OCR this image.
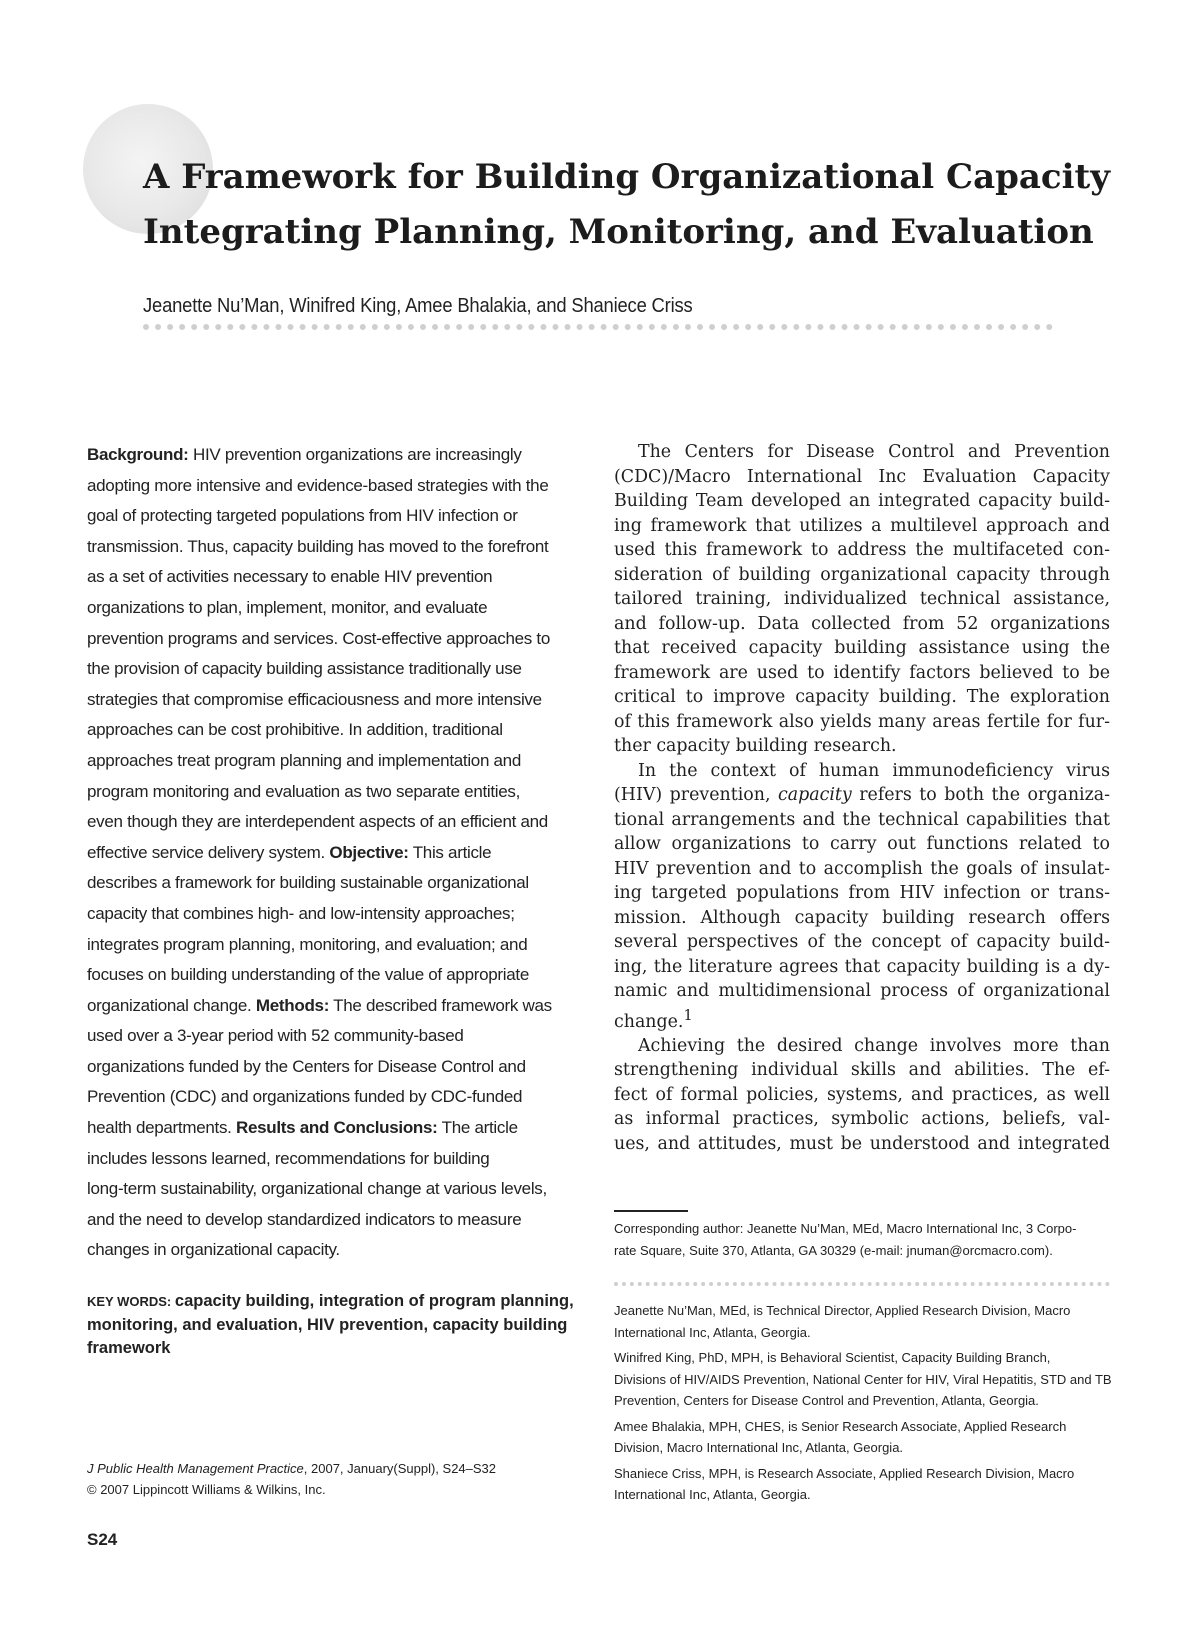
A Framework for Building Organizational Capacity
Integrating Planning, Monitoring, and Evaluation
Jeanette Nu’Man, Winifred King, Amee Bhalakia, and Shaniece Criss
Background: HIV prevention organizations are increasingly
adopting more intensive and evidence-based strategies with the
goal of protecting targeted populations from HIV infection or
transmission. Thus, capacity building has moved to the forefront
as a set of activities necessary to enable HIV prevention
organizations to plan, implement, monitor, and evaluate
prevention programs and services. Cost-effective approaches to
the provision of capacity building assistance traditionally use
strategies that compromise efficaciousness and more intensive
approaches can be cost prohibitive. In addition, traditional
approaches treat program planning and implementation and
program monitoring and evaluation as two separate entities,
even though they are interdependent aspects of an efficient and
effective service delivery system. Objective: This article
describes a framework for building sustainable organizational
capacity that combines high- and low-intensity approaches;
integrates program planning, monitoring, and evaluation; and
focuses on building understanding of the value of appropriate
organizational change. Methods: The described framework was
used over a 3-year period with 52 community-based
organizations funded by the Centers for Disease Control and
Prevention (CDC) and organizations funded by CDC-funded
health departments. Results and Conclusions: The article
includes lessons learned, recommendations for building
long-term sustainability, organizational change at various levels,
and the need to develop standardized indicators to measure
changes in organizational capacity.
KEY WORDS: capacity building, integration of program planning,
monitoring, and evaluation, HIV prevention, capacity building
framework
J Public Health Management Practice, 2007, January(Suppl), S24–S32
© 2007 Lippincott Williams & Wilkins, Inc.
S24
The Centers for Disease Control and Prevention
(CDC)/Macro International Inc Evaluation Capacity
Building Team developed an integrated capacity build-
ing framework that utilizes a multilevel approach and
used this framework to address the multifaceted con-
sideration of building organizational capacity through
tailored training, individualized technical assistance,
and follow-up. Data collected from 52 organizations
that received capacity building assistance using the
framework are used to identify factors believed to be
critical to improve capacity building. The exploration
of this framework also yields many areas fertile for fur-
ther capacity building research.
In the context of human immunodeficiency virus
(HIV) prevention, capacity refers to both the organiza-
tional arrangements and the technical capabilities that
allow organizations to carry out functions related to
HIV prevention and to accomplish the goals of insulat-
ing targeted populations from HIV infection or trans-
mission. Although capacity building research offers
several perspectives of the concept of capacity build-
ing, the literature agrees that capacity building is a dy-
namic and multidimensional process of organizational
change.$^1$
Achieving the desired change involves more than
strengthening individual skills and abilities. The ef-
fect of formal policies, systems, and practices, as well
as informal practices, symbolic actions, beliefs, val-
ues, and attitudes, must be understood and integrated
Corresponding author: Jeanette Nu’Man, MEd, Macro International Inc, 3 Corpo-
rate Square, Suite 370, Atlanta, GA 30329 (e-mail: jnuman@orcmacro.com).
Jeanette Nu’Man, MEd, is Technical Director, Applied Research Division, Macro
International Inc, Atlanta, Georgia.
Winifred King, PhD, MPH, is Behavioral Scientist, Capacity Building Branch,
Divisions of HIV/AIDS Prevention, National Center for HIV, Viral Hepatitis, STD and TB
Prevention, Centers for Disease Control and Prevention, Atlanta, Georgia.
Amee Bhalakia, MPH, CHES, is Senior Research Associate, Applied Research
Division, Macro International Inc, Atlanta, Georgia.
Shaniece Criss, MPH, is Research Associate, Applied Research Division, Macro
International Inc, Atlanta, Georgia.
